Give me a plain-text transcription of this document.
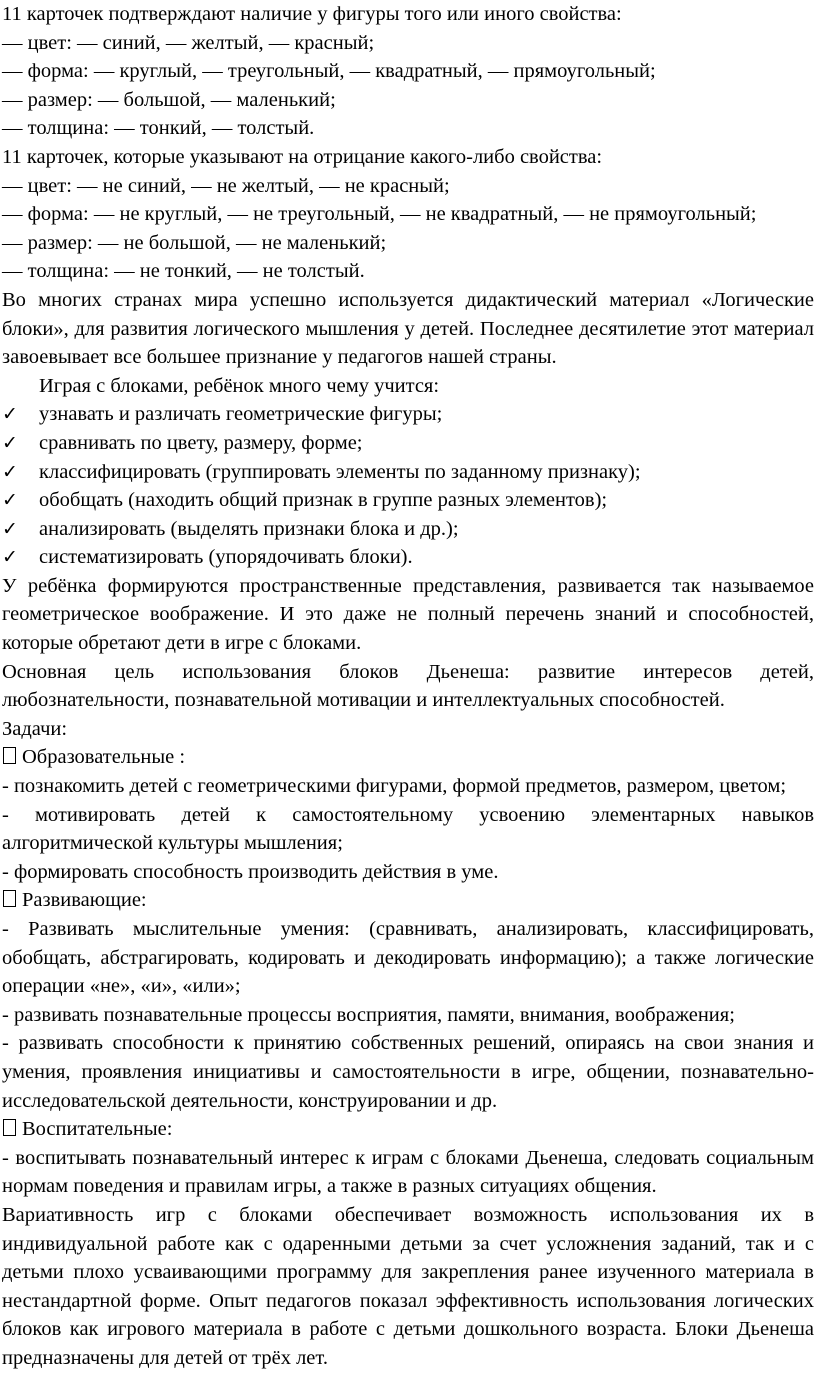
11 карточек подтверждают наличие у фигуры того или иного свойства:

— цвет: — синий, — желтый, — красный;

— форма: — круглый, — треугольный, — квадратный, — прямоугольный;

— размер: — большой, — маленький;

— толщина: — тонкий, — толстый.

11 карточек, которые указывают на отрицание какого-либо свойства:

— цвет: — не синий, — не желтый, — не красный;

— форма: — не круглый, — не треугольный, — не квадратный, — не прямоугольный;

— размер: — не большой, — не маленький;

— толщина: — не тонкий, — не толстый.

Во многих странах мира успешно используется дидактический материал «Логические блоки», для развития логического мышления у детей. Последнее десятилетие этот материал завоевывает все большее признание у педагогов нашей страны.

Играя с блоками, ребёнок много чему учится:

✓ узнавать и различать геометрические фигуры;
✓ сравнивать по цвету, размеру, форме;
✓ классифицировать (группировать элементы по заданному признаку);
✓ обобщать (находить общий признак в группе разных элементов);
✓ анализировать (выделять признаки блока и др.);
✓ систематизировать (упорядочивать блоки).

У ребёнка формируются пространственные представления, развивается так называемое геометрическое воображение. И это даже не полный перечень знаний и способностей, которые обретают дети в игре с блоками.

Основная цель использования блоков Дьенеша: развитие интересов детей, любознательности, познавательной мотивации и интеллектуальных способностей.

Задачи:

Образовательные :

- познакомить детей с геометрическими фигурами, формой предметов, размером, цветом;

- мотивировать детей к самостоятельному усвоению элементарных навыков алгоритмической культуры мышления;

- формировать способность производить действия в уме.

Развивающие:

- Развивать мыслительные умения: (сравнивать, анализировать, классифицировать, обобщать, абстрагировать, кодировать и декодировать информацию); а также логические операции «не», «и», «или»;

- развивать познавательные процессы восприятия, памяти, внимания, воображения;

- развивать способности к принятию собственных решений, опираясь на свои знания и умения, проявления инициативы и самостоятельности в игре, общении, познавательно-исследовательской деятельности, конструировании и др.

Воспитательные:

- воспитывать познавательный интерес к играм с блоками Дьенеша, следовать социальным нормам поведения и правилам игры, а также в разных ситуациях общения.

Вариативность игр с блоками обеспечивает возможность использования их в индивидуальной работе как с одаренными детьми за счет усложнения заданий, так и с детьми плохо усваивающими программу для закрепления ранее изученного материала в нестандартной форме. Опыт педагогов показал эффективность использования логических блоков как игрового материала в работе с детьми дошкольного возраста. Блоки Дьенеша предназначены для детей от трёх лет.
